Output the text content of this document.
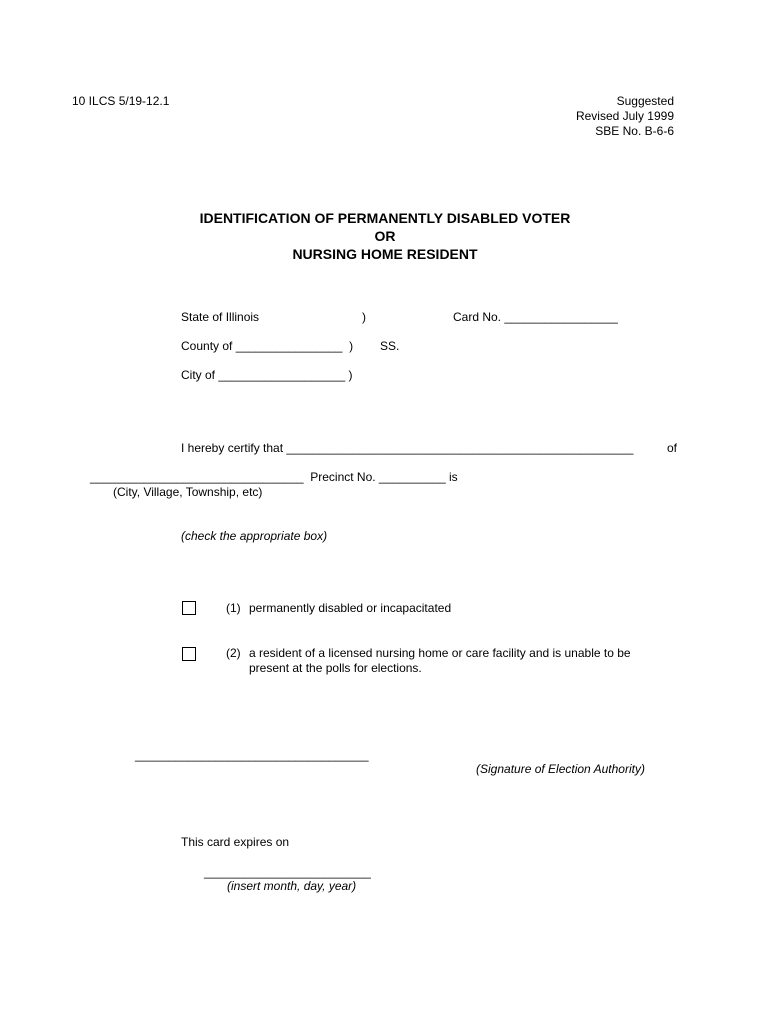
10 ILCS 5/19-12.1	Suggested
Revised July 1999
SBE No. B-6-6
IDENTIFICATION OF PERMANENTLY DISABLED VOTER
OR
NURSING HOME RESIDENT
State of Illinois	)	Card No. _________________
County of ________________  ) SS.
City of ___________________ )
I hereby certify that ____________________________________________________	of
________________________________  Precinct No. __________ is
(City, Village, Township, etc)
(check the appropriate box)
(1) permanently disabled or incapacitated
(2) a resident of a licensed nursing home or care facility and is unable to be
present at the polls for elections.
___________________________________
(Signature of Election Authority)
This card expires on
_________________________
(insert month, day, year)
